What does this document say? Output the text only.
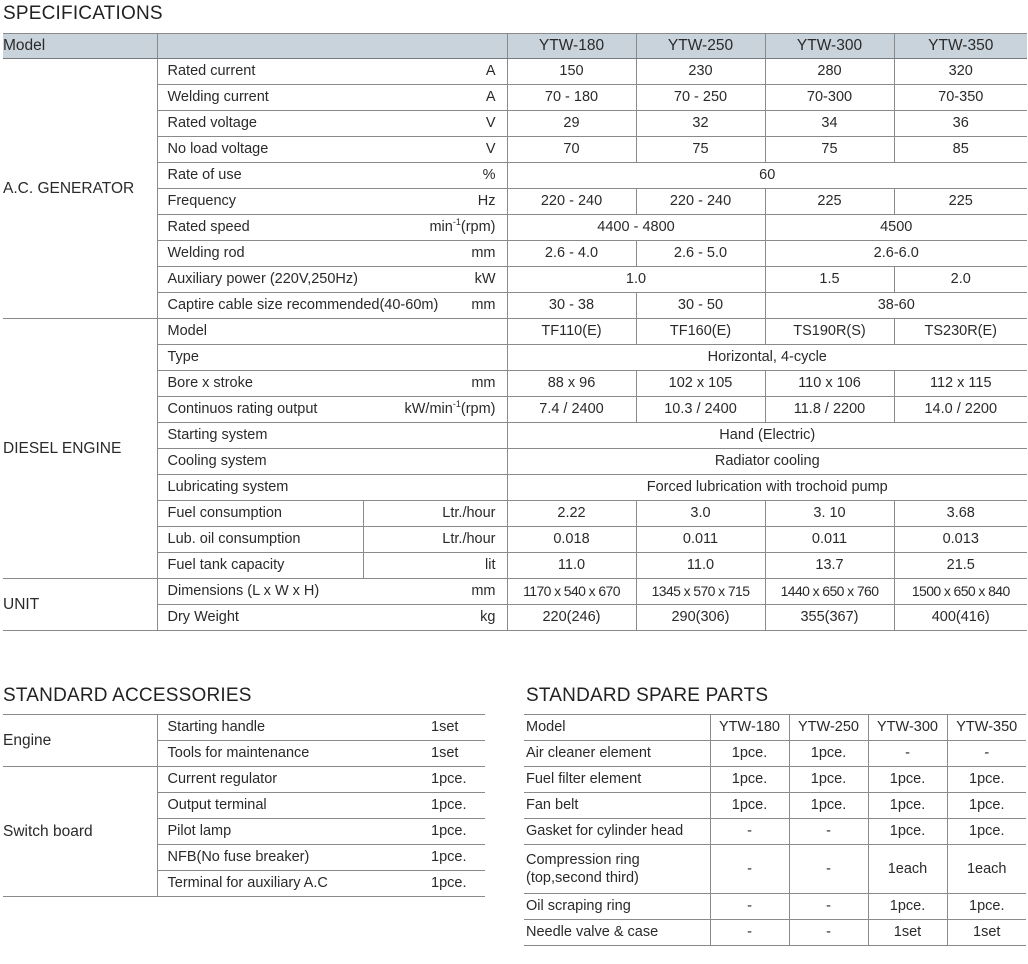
SPECIFICATIONS
Model			YTW-180	YTW-250	YTW-300	YTW-350
A.C. GENERATOR	Rated current	A	150	230	280	320
	Welding current	A	70 - 180	70 - 250	70-300	70-350
	Rated voltage	V	29	32	34	36
	No load voltage	V	70	75	75	85
	Rate of use	%	60			
	Frequency	Hz	220 - 240	220 - 240	225	225
	Rated speed	$\min^{-1}(rpm)$	4400 - 4800		4500	
	Welding rod	mm	2.6 - 4.0	2.6 - 5.0	2.6-6.0	
	Auxiliary power (220V,250Hz)	kW	1.0		1.5	2.0
	Captire cable size recommended(40-60m)	mm	30 - 38	30 - 50	38-60	
DIESEL ENGINE	Model		TF110(E)	TF160(E)	TS190R(S)	TS230R(E)
	Type		Horizontal, 4-cycle			
	Bore x stroke	mm	88 x 96	102 x 105	110 x 106	112 x 115
	Continuos rating output	$kW/\min^{-1}(rpm)$	7.4 / 2400	10.3 / 2400	11.8 / 2200	14.0 / 2200
	Starting system		Hand (Electric)			
	Cooling system		Radiator cooling			
	Lubricating system		Forced lubrication with trochoid pump			
	Fuel consumption	Ltr./hour	2.22	3.0	3. 10	3.68
	Lub. oil consumption	Ltr./hour	0.018	0.011	0.011	0.013
	Fuel tank capacity	lit	11.0	11.0	13.7	21.5
UNIT	Dimensions (L x W x H)	mm	1170 x 540 x 670	1345 x 570 x 715	1440 x 650 x 760	1500 x 650 x 840
	Dry Weight	kg	220(246)	290(306)	355(367)	400(416)
STANDARD ACCESSORIES
Engine	Starting handle	1set
	Tools for maintenance	1set
Switch board	Current regulator	1pce.
	Output terminal	1pce.
	Pilot lamp	1pce.
	NFB(No fuse breaker)	1pce.
	Terminal for auxiliary A.C	1pce.
STANDARD SPARE PARTS
Model	YTW-180	YTW-250	YTW-300	YTW-350
Air cleaner element	1pce.	1pce.	-	-
Fuel filter element	1pce.	1pce.	1pce.	1pce.
Fan belt	1pce.	1pce.	1pce.	1pce.
Gasket for cylinder head	-	-	1pce.	1pce.

Compression ring
(top,second third)	-	-	1each	1each
Oil scraping ring	-	-	1pce.	1pce.
Needle valve & case	-	-	1set	1set
